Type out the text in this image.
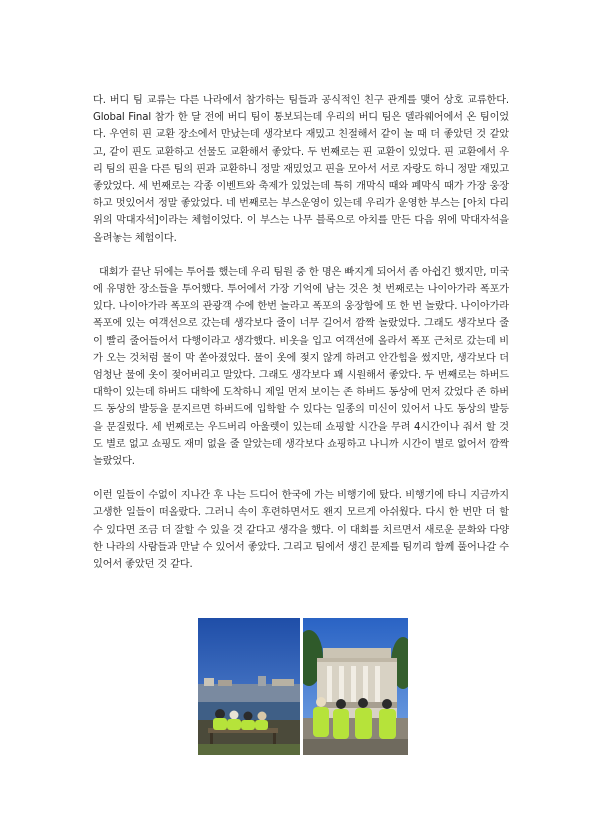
다. 버디 팀 교류는 다른 나라에서 참가하는 팀들과 공식적인 친구 관계를 맺어 상호 교류한다. Global Final 참가 한 달 전에 버디 팀이 통보되는데 우리의 버디 팀은 델라웨어에서 온 팀이었다. 우연히 핀 교환 장소에서 만났는데 생각보다 재밌고 친절해서 같이 놀 때 더 좋았던 것 같았고, 같이 핀도 교환하고 선물도 교환해서 좋았다. 두 번째로는 핀 교환이 있었다. 핀 교환에서 우리 팀의 핀을 다른 팀의 핀과 교환하니 정말 재밌었고 핀을 모아서 서로 자랑도 하니 정말 재밌고 좋았었다. 세 번째로는 각종 이벤트와 축제가 있었는데 특히 개막식 때와 폐막식 때가 가장 웅장하고 멋있어서 정말 좋았었다. 네 번째로는 부스운영이 있는데 우리가 운영한 부스는 [아치 다리 위의 막대자석]이라는 체험이었다. 이 부스는 나무 블록으로 아치를 만든 다음 위에 막대자석을 올려놓는 체험이다.

대회가 끝난 뒤에는 투어를 했는데 우리 팀원 중 한 명은 빠지게 되어서 좀 아쉽긴 했지만, 미국에 유명한 장소들을 투어했다. 투어에서 가장 기억에 남는 것은 첫 번째로는 나이아가라 폭포가 있다. 나이아가라 폭포의 관광객 수에 한번 놀라고 폭포의 웅장함에 또 한 번 놀랐다. 나이아가라 폭포에 있는 여객선으로 갔는데 생각보다 줄이 너무 길어서 깜짝 놀랐었다. 그래도 생각보다 줄이 빨리 줄어들어서 다행이라고 생각했다. 비옷을 입고 여객선에 올라서 폭포 근처로 갔는데 비가 오는 것처럼 물이 막 쏟아졌었다. 물이 옷에 젖지 않게 하려고 안간힘을 썼지만, 생각보다 더 엄청난 물에 옷이 젖어버리고 말았다. 그래도 생각보다 꽤 시원해서 좋았다. 두 번째로는 하버드 대학이 있는데 하버드 대학에 도착하니 제일 먼저 보이는 존 하버드 동상에 먼저 갔었다 존 하버드 동상의 발등을 문지르면 하버드에 입학할 수 있다는 일종의 미신이 있어서 나도 동상의 발등을 문질렀다. 세 번째로는 우드버리 아울렛이 있는데 쇼핑할 시간을 무려 4시간이나 줘서 할 것도 별로 없고 쇼핑도 재미 없을 줄 알았는데 생각보다 쇼핑하고 나니까 시간이 별로 없어서 깜짝 놀랐었다.

이런 일들이 수없이 지나간 후 나는 드디어 한국에 가는 비행기에 탔다. 비행기에 타니 지금까지 고생한 일들이 떠올랐다. 그러니 속이 후련하면서도 왠지 모르게 아쉬웠다. 다시 한 번만 더 할 수 있다면 조금 더 잘할 수 있을 것 같다고 생각을 했다. 이 대회를 치르면서 새로운 문화와 다양한 나라의 사람들과 만날 수 있어서 좋았다. 그리고 팀에서 생긴 문제를 팀끼리 함께 풀어나갈 수 있어서 좋았던 것 같다.
